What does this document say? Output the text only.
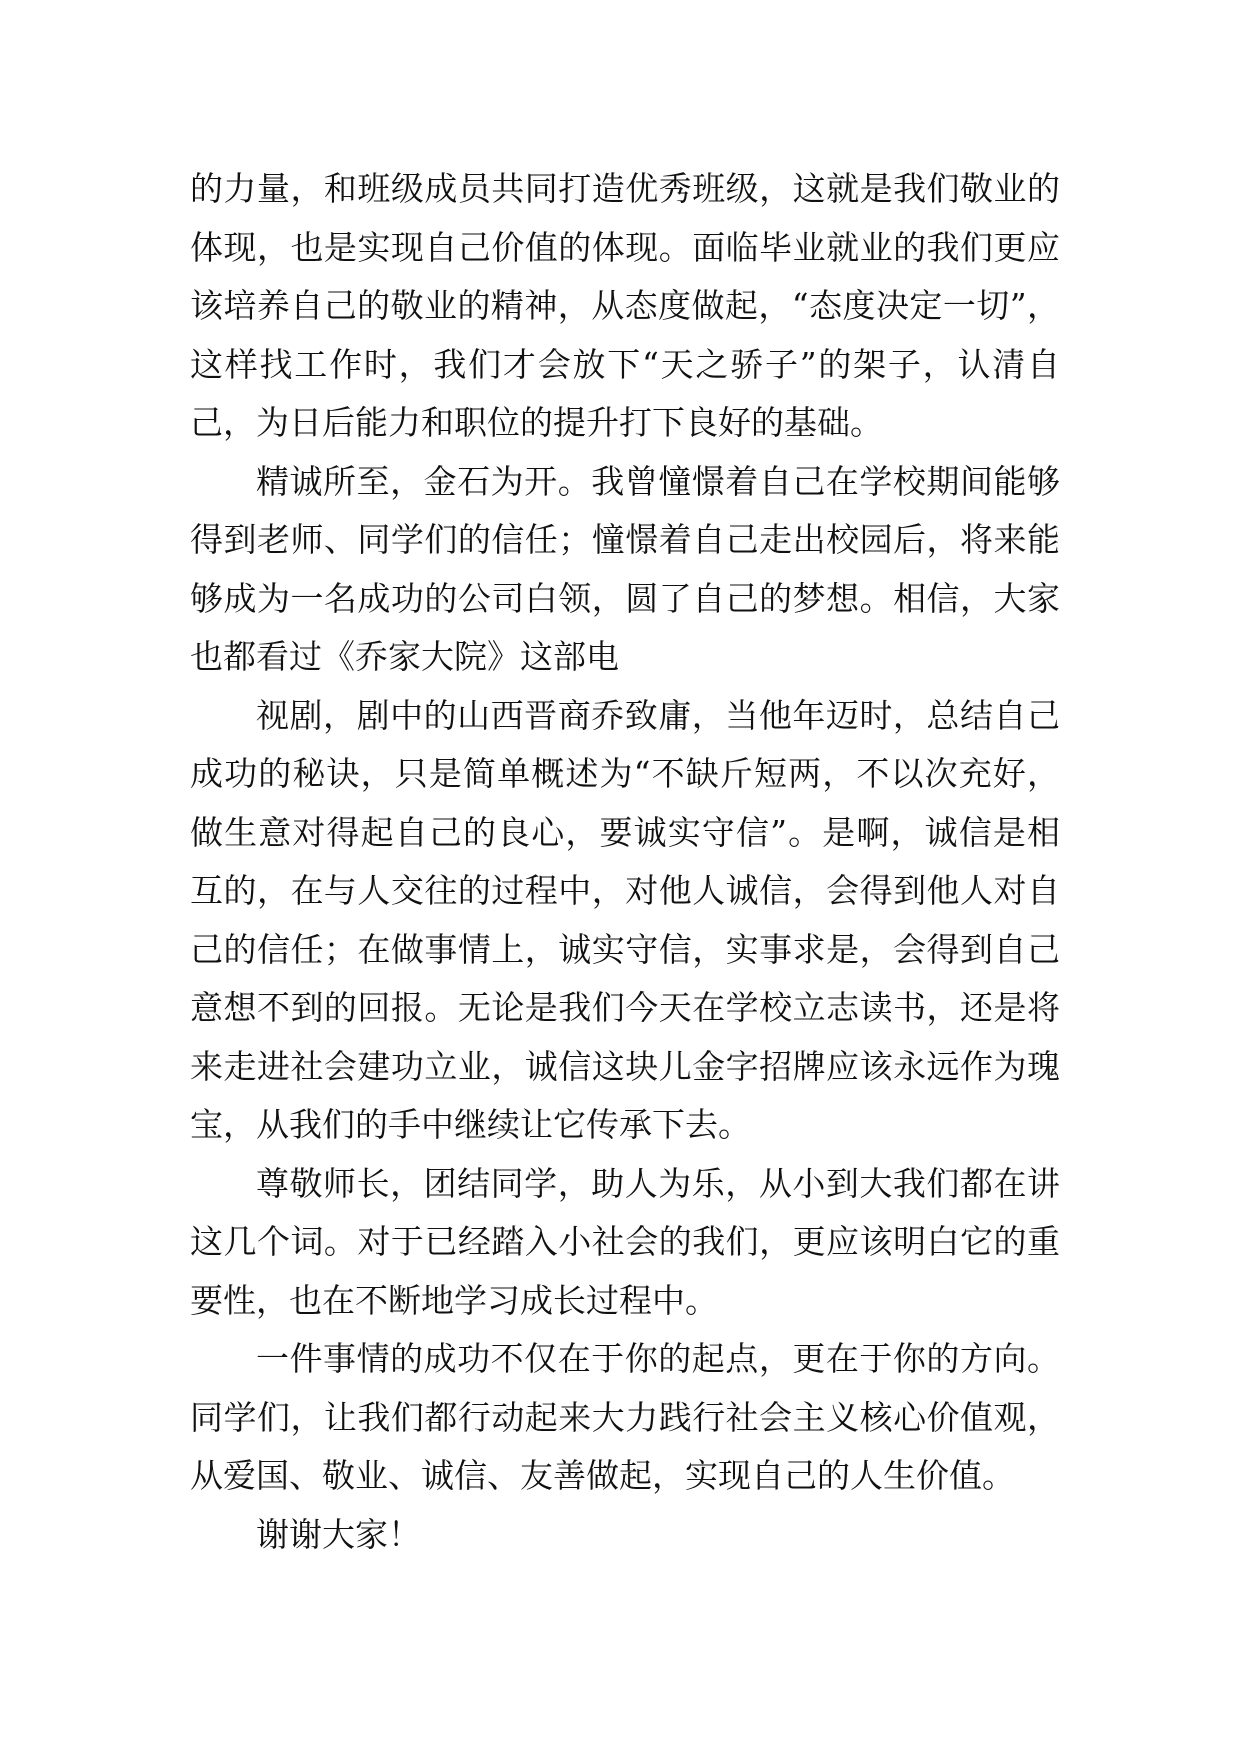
的力量，和班级成员共同打造优秀班级，这就是我们敬业的
体现，也是实现自己价值的体现。面临毕业就业的我们更应
该培养自己的敬业的精神，从态度做起，“态度决定一切”，
这样找工作时，我们才会放下“天之骄子”的架子，认清自
己，为日后能力和职位的提升打下良好的基础。
精诚所至，金石为开。我曾憧憬着自己在学校期间能够
得到老师、同学们的信任；憧憬着自己走出校园后，将来能
够成为一名成功的公司白领，圆了自己的梦想。相信，大家
也都看过《乔家大院》这部电
视剧，剧中的山西晋商乔致庸，当他年迈时，总结自己
成功的秘诀，只是简单概述为“不缺斤短两，不以次充好，
做生意对得起自己的良心，要诚实守信”。是啊，诚信是相
互的，在与人交往的过程中，对他人诚信，会得到他人对自
己的信任；在做事情上，诚实守信，实事求是，会得到自己
意想不到的回报。无论是我们今天在学校立志读书，还是将
来走进社会建功立业，诚信这块儿金字招牌应该永远作为瑰
宝，从我们的手中继续让它传承下去。
尊敬师长，团结同学，助人为乐，从小到大我们都在讲
这几个词。对于已经踏入小社会的我们，更应该明白它的重
要性，也在不断地学习成长过程中。
一件事情的成功不仅在于你的起点，更在于你的方向。
同学们，让我们都行动起来大力践行社会主义核心价值观，
从爱国、敬业、诚信、友善做起，实现自己的人生价值。
谢谢大家！
